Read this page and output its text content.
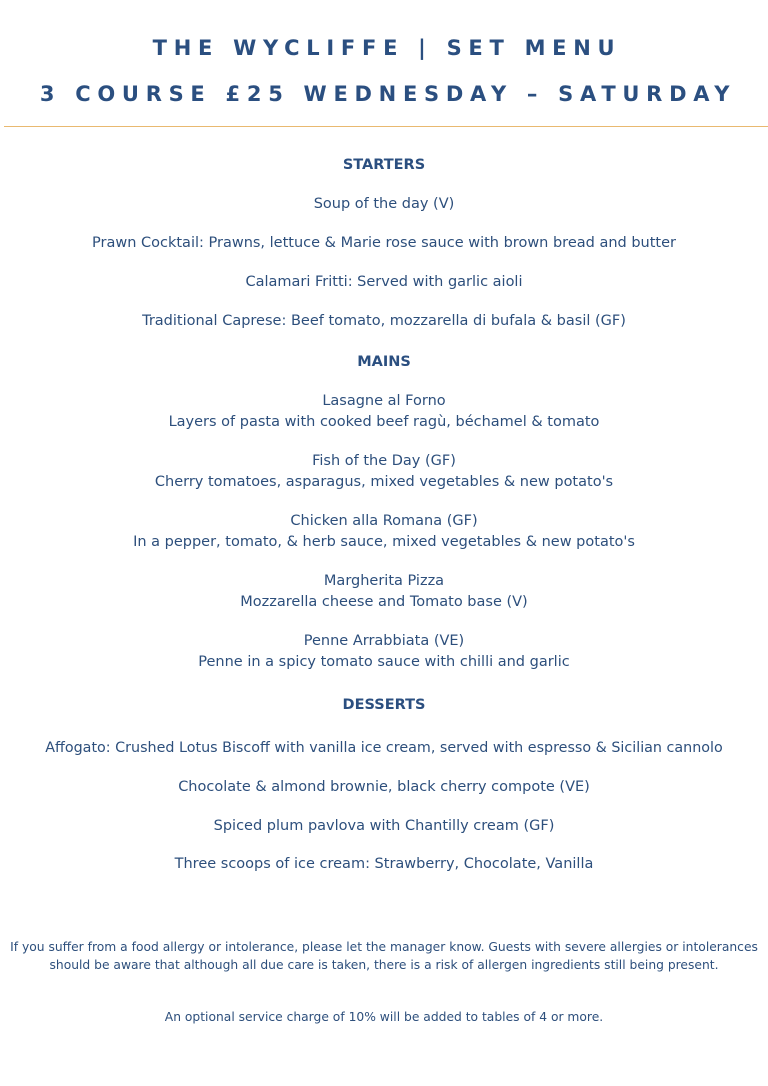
THE WYCLIFFE | SET MENU
3 COURSE £25 WEDNESDAY – SATURDAY
STARTERS
Soup of the day (V)
Prawn Cocktail: Prawns, lettuce & Marie rose sauce with brown bread and butter
Calamari Fritti: Served with garlic aioli
Traditional Caprese: Beef tomato, mozzarella di bufala & basil (GF)
MAINS
Lasagne al Forno
Layers of pasta with cooked beef ragù, béchamel & tomato
Fish of the Day (GF)
Cherry tomatoes, asparagus, mixed vegetables & new potato's
Chicken alla Romana (GF)
In a pepper, tomato, & herb sauce, mixed vegetables & new potato's
Margherita Pizza
Mozzarella cheese and Tomato base (V)
Penne Arrabbiata (VE)
Penne in a spicy tomato sauce with chilli and garlic
DESSERTS
Affogato: Crushed Lotus Biscoff with vanilla ice cream, served with espresso & Sicilian cannolo
Chocolate & almond brownie, black cherry compote (VE)
Spiced plum pavlova with Chantilly cream (GF)
Three scoops of ice cream: Strawberry, Chocolate, Vanilla
If you suffer from a food allergy or intolerance, please let the manager know. Guests with severe allergies or intolerances should be aware that although all due care is taken, there is a risk of allergen ingredients still being present.
An optional service charge of 10% will be added to tables of 4 or more.
